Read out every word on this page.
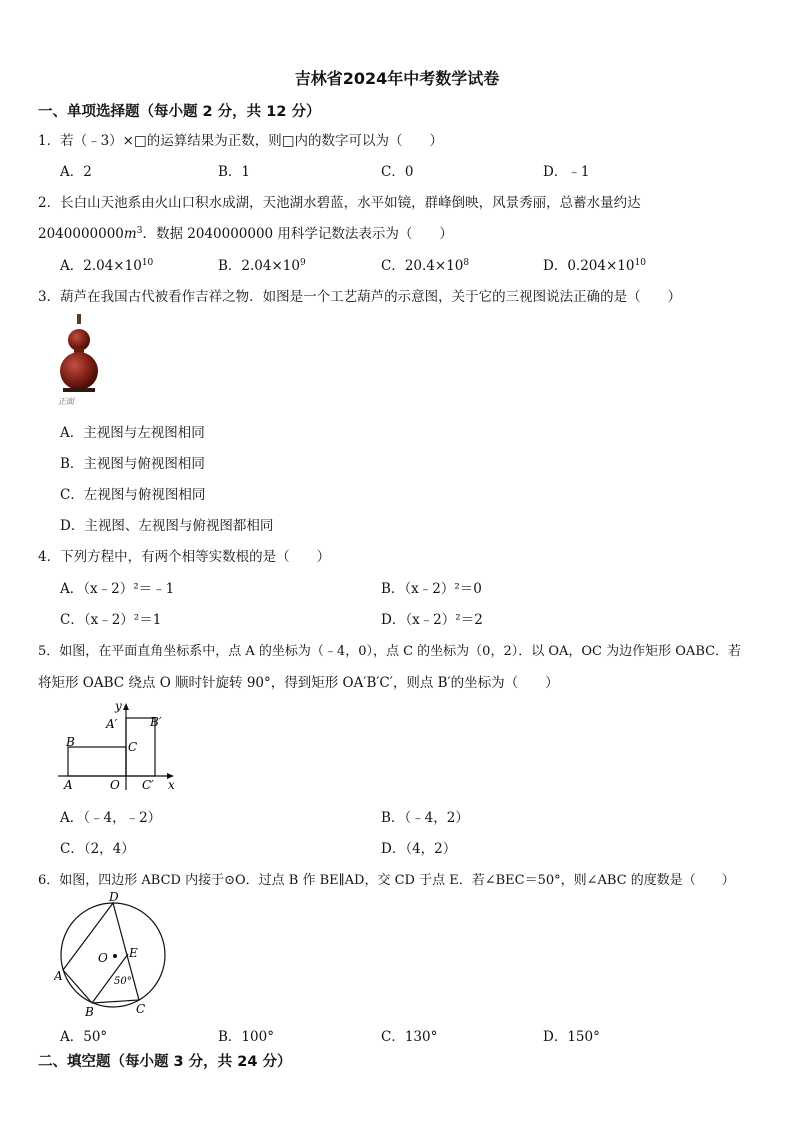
吉林省2024年中考数学试卷
一、单项选择题（每小题 2 分，共 12 分）
1．若（﹣3）×□的运算结果为正数，则□内的数字可以为（　　）
A．2	B．1	C．0	D．﹣1
2．长白山天池系由火山口积水成湖，天池湖水碧蓝，水平如镜，群峰倒映，风景秀丽，总蓄水量约达
$2040000000m^3$．数据 2040000000 用科学记数法表示为（　　）
A．$2.04\times 10^{10}$	B．$2.04\times 10^9$	C．$20.4\times 10^8$	D．$0.204\times 10^{10}$
3．葫芦在我国古代被看作吉祥之物．如图是一个工艺葫芦的示意图，关于它的三视图说法正确的是（　　）
正面
A．主视图与左视图相同
B．主视图与俯视图相同
C．左视图与俯视图相同
D．主视图、左视图与俯视图都相同
4．下列方程中，有两个相等实数根的是（　　）
A．（x﹣2）²＝﹣1	B．（x﹣2）²＝0
C．（x﹣2）²＝1	D．（x﹣2）²＝2
5．如图，在平面直角坐标系中，点 A 的坐标为（﹣4，0），点 C 的坐标为（0，2）．以 OA，OC 为边作矩形 OABC．若
将矩形 OABC 绕点 O 顺时针旋转 90°，得到矩形 OA′B′C′，则点 B′的坐标为（　　）
y
x
A′	B′
B	C
A	O C′
A．（﹣4，﹣2）	B．（﹣4，2）
C．（2，4）	D．（4，2）
6．如图，四边形 ABCD 内接于⊙O．过点 B 作 BE∥AD，交 CD 于点 E．若∠BEC＝50°，则∠ABC 的度数是（　　）
D
A
B	C
E
O
50°
A．50°	B．100°	C．130°	D．150°
二、填空题（每小题 3 分，共 24 分）
